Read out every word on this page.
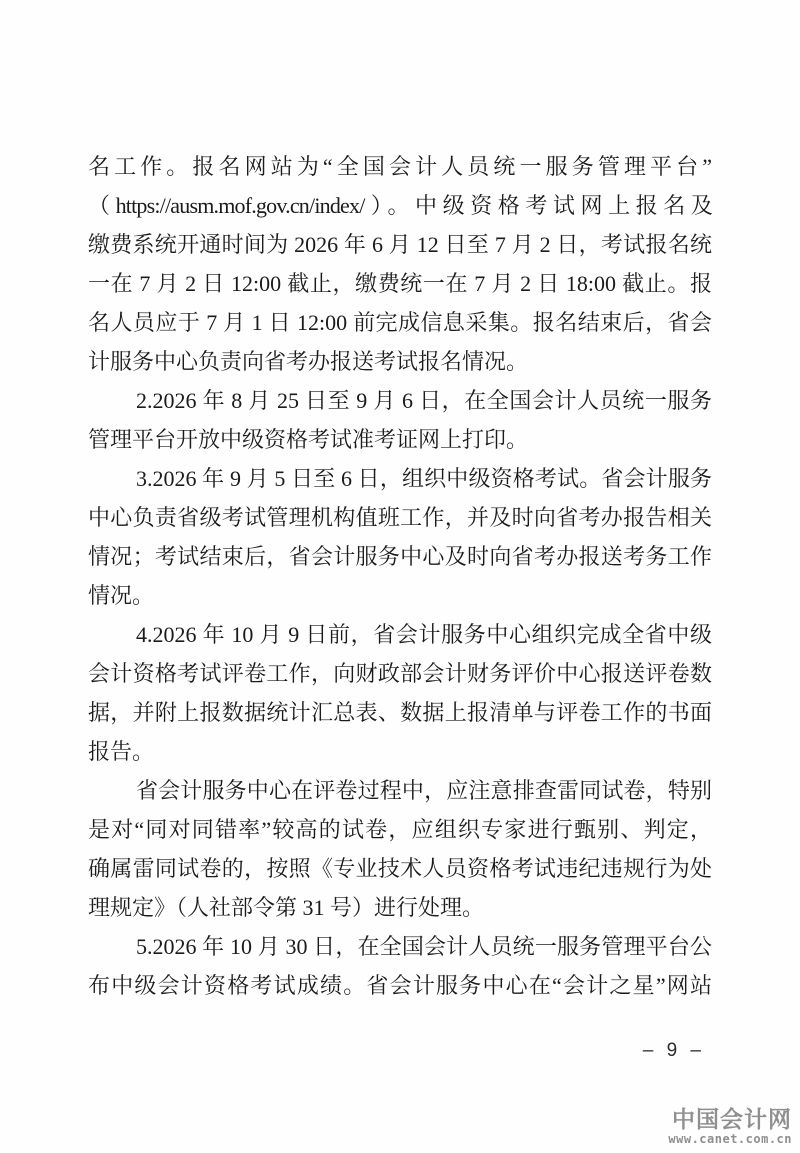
名工作。报名网站为“全国会计人员统一服务管理平台”
（https://ausm.mof.gov.cn/index/）。中级资格考试网上报名及
缴费系统开通时间为 2026 年 6 月 12 日至 7 月 2 日，考试报名统
一在 7 月 2 日 12:00 截止，缴费统一在 7 月 2 日 18:00 截止。报
名人员应于 7 月 1 日 12:00 前完成信息采集。报名结束后，省会
计服务中心负责向省考办报送考试报名情况。
2.2026 年 8 月 25 日至 9 月 6 日，在全国会计人员统一服务
管理平台开放中级资格考试准考证网上打印。
3.2026 年 9 月 5 日至 6 日，组织中级资格考试。省会计服务
中心负责省级考试管理机构值班工作，并及时向省考办报告相关
情况；考试结束后，省会计服务中心及时向省考办报送考务工作
情况。
4.2026 年 10 月 9 日前，省会计服务中心组织完成全省中级
会计资格考试评卷工作，向财政部会计财务评价中心报送评卷数
据，并附上报数据统计汇总表、数据上报清单与评卷工作的书面
报告。
省会计服务中心在评卷过程中，应注意排查雷同试卷，特别
是对“同对同错率”较高的试卷，应组织专家进行甄别、判定，
确属雷同试卷的，按照《专业技术人员资格考试违纪违规行为处
理规定》（人社部令第 31 号）进行处理。
5.2026 年 10 月 30 日，在全国会计人员统一服务管理平台公
布中级会计资格考试成绩。省会计服务中心在“会计之星”网站
– 9 –
中国会计网
www.canet.com.cn
